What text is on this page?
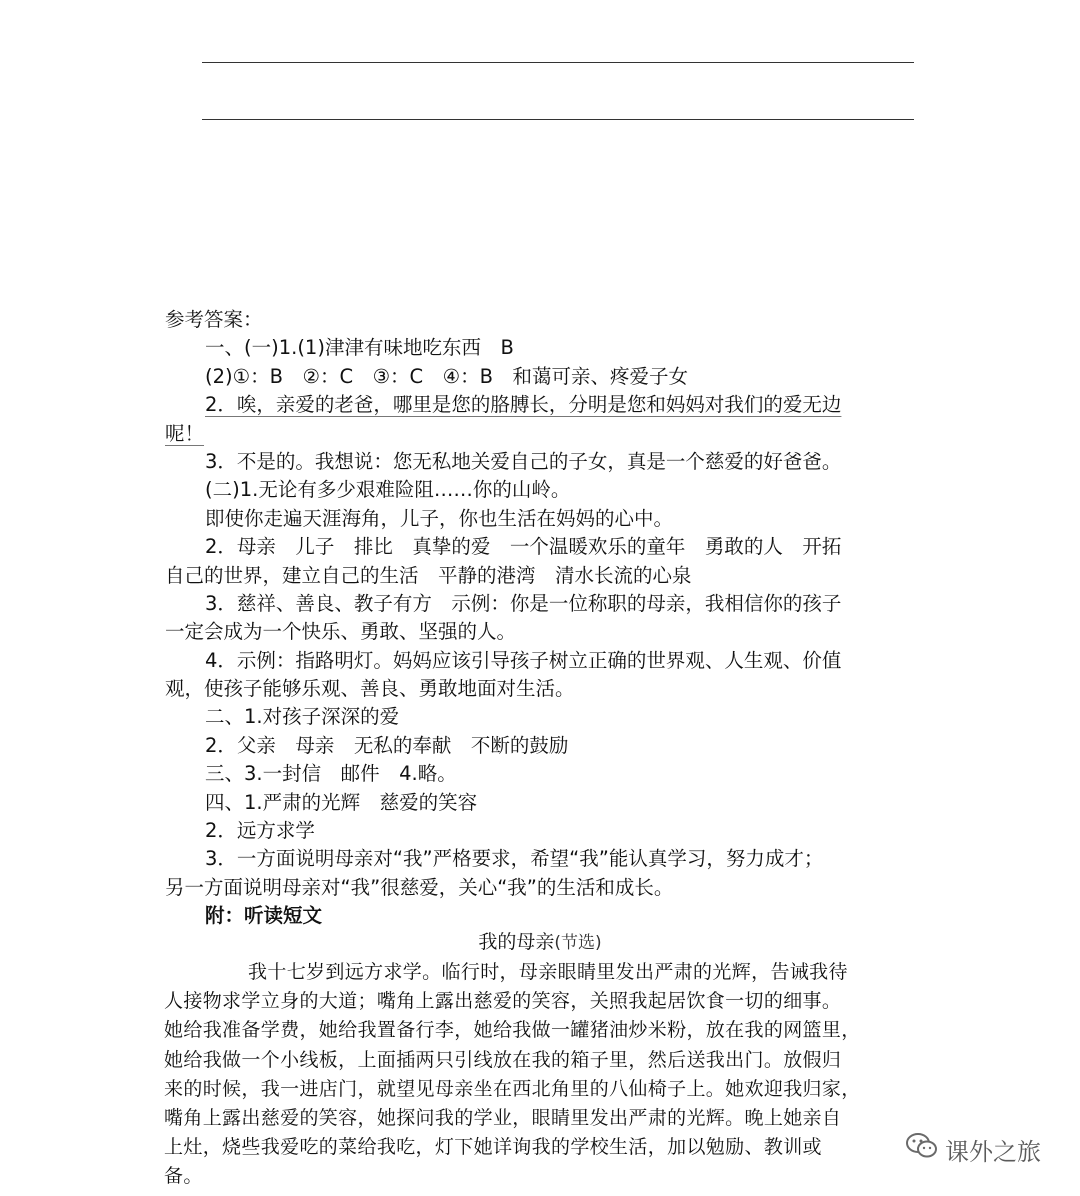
参考答案：
一、(一)1.(1)津津有味地吃东西　B
(2)①：B　②：C　③：C　④：B　和蔼可亲、疼爱子女
2．唉，亲爱的老爸，哪里是您的胳膊长，分明是您和妈妈对我们的爱无边
呢！
3．不是的。我想说：您无私地关爱自己的子女，真是一个慈爱的好爸爸。
(二)1.无论有多少艰难险阻……你的山岭。
即使你走遍天涯海角，儿子，你也生活在妈妈的心中。
2．母亲　儿子　排比　真挚的爱　一个温暖欢乐的童年　勇敢的人　开拓
自己的世界，建立自己的生活　平静的港湾　清水长流的心泉
3．慈祥、善良、教子有方　示例：你是一位称职的母亲，我相信你的孩子
一定会成为一个快乐、勇敢、坚强的人。
4．示例：指路明灯。妈妈应该引导孩子树立正确的世界观、人生观、价值
观，使孩子能够乐观、善良、勇敢地面对生活。
二、1.对孩子深深的爱
2．父亲　母亲　无私的奉献　不断的鼓励
三、3.一封信　邮件　4.略。
四、1.严肃的光辉　慈爱的笑容
2．远方求学
3．一方面说明母亲对“我”严格要求，希望“我”能认真学习，努力成才；
另一方面说明母亲对“我”很慈爱，关心“我”的生活和成长。
附：听读短文
我的母亲(节选)
我十七岁到远方求学。临行时，母亲眼睛里发出严肃的光辉，告诫我待
人接物求学立身的大道；嘴角上露出慈爱的笑容，关照我起居饮食一切的细事。
她给我准备学费，她给我置备行李，她给我做一罐猪油炒米粉，放在我的网篮里，
她给我做一个小线板，上面插两只引线放在我的箱子里，然后送我出门。放假归
来的时候，我一进店门，就望见母亲坐在西北角里的八仙椅子上。她欢迎我归家，
嘴角上露出慈爱的笑容，她探问我的学业，眼睛里发出严肃的光辉。晚上她亲自
上灶，烧些我爱吃的菜给我吃，灯下她详询我的学校生活，加以勉励、教训或
备。
课外之旅
